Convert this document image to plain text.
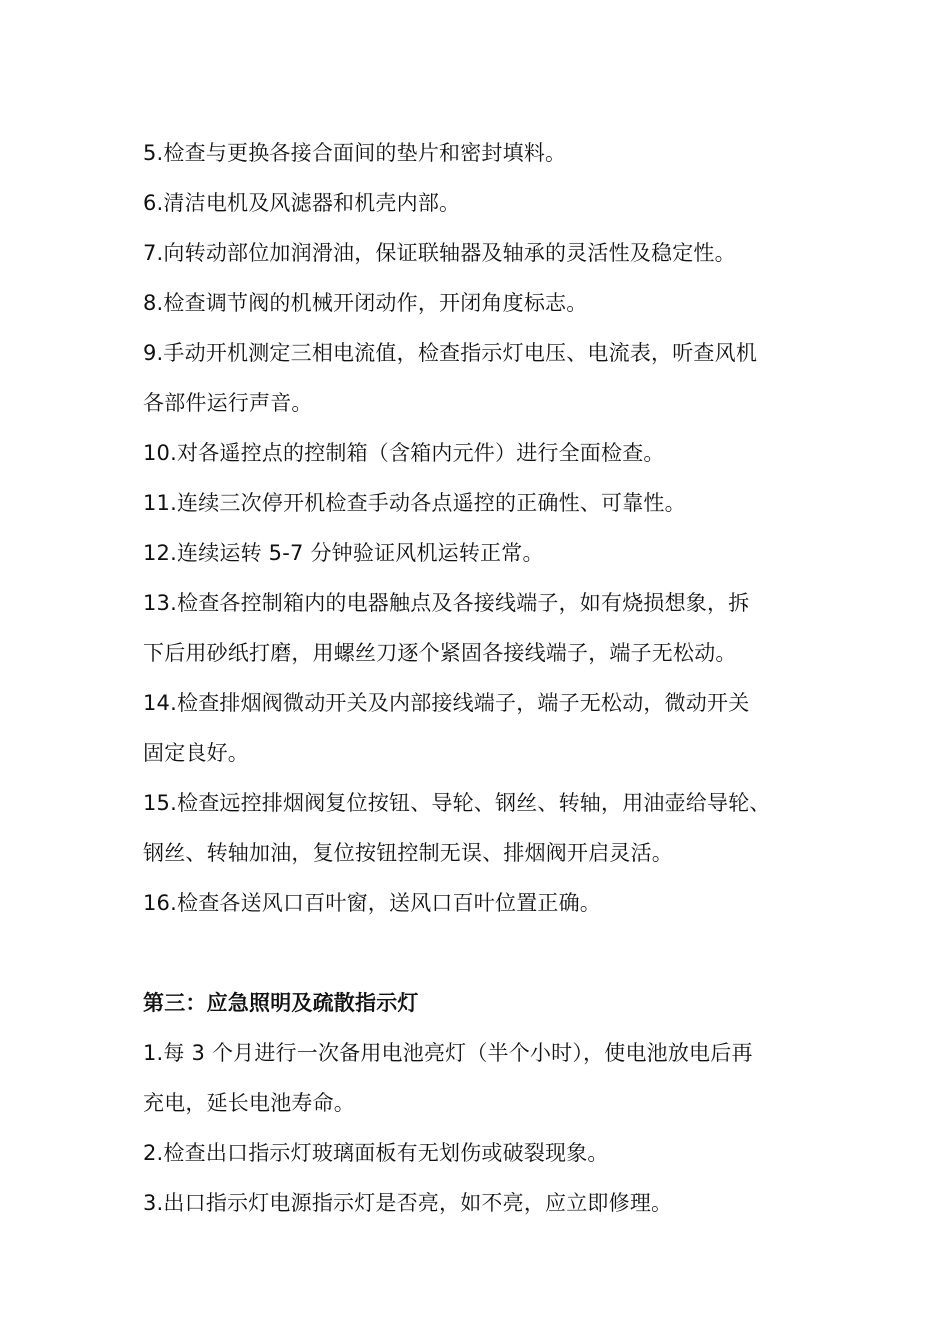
5.检查与更换各接合面间的垫片和密封填料。
6.清洁电机及风滤器和机壳内部。
7.向转动部位加润滑油，保证联轴器及轴承的灵活性及稳定性。
8.检查调节阀的机械开闭动作，开闭角度标志。
9.手动开机测定三相电流值，检查指示灯电压、电流表，听查风机
各部件运行声音。
10.对各遥控点的控制箱（含箱内元件）进行全面检查。
11.连续三次停开机检查手动各点遥控的正确性、可靠性。
12.连续运转 5-7 分钟验证风机运转正常。
13.检查各控制箱内的电器触点及各接线端子，如有烧损想象，拆
下后用砂纸打磨，用螺丝刀逐个紧固各接线端子，端子无松动。
14.检查排烟阀微动开关及内部接线端子，端子无松动，微动开关
固定良好。
15.检查远控排烟阀复位按钮、导轮、钢丝、转轴，用油壶给导轮、
钢丝、转轴加油，复位按钮控制无误、排烟阀开启灵活。
16.检查各送风口百叶窗，送风口百叶位置正确。
第三：应急照明及疏散指示灯
1.每 3 个月进行一次备用电池亮灯（半个小时），使电池放电后再
充电，延长电池寿命。
2.检查出口指示灯玻璃面板有无划伤或破裂现象。
3.出口指示灯电源指示灯是否亮，如不亮，应立即修理。
